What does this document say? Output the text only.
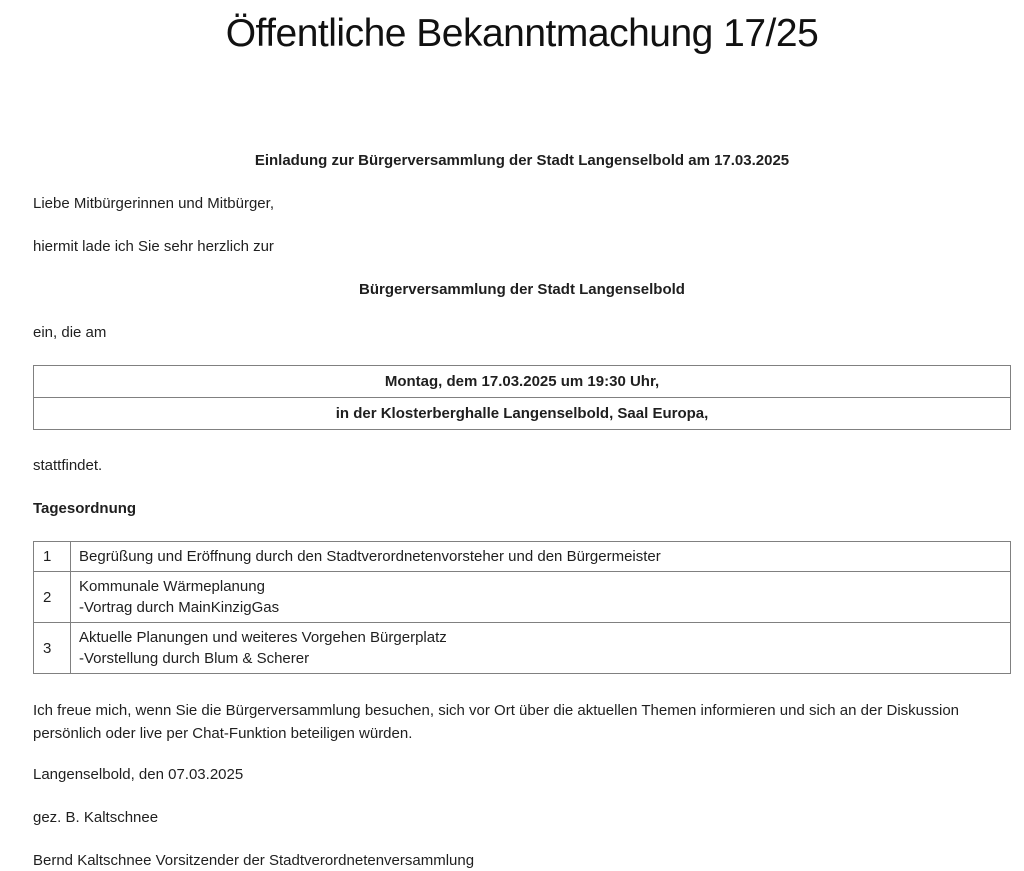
Öffentliche Bekanntmachung 17/25

Einladung zur Bürgerversammlung der Stadt Langenselbold am 17.03.2025

Liebe Mitbürgerinnen und Mitbürger,

hiermit lade ich Sie sehr herzlich zur

Bürgerversammlung der Stadt Langenselbold

ein, die am

Montag, dem 17.03.2025 um 19:30 Uhr,
in der Klosterberghalle Langenselbold, Saal Europa,

stattfindet.

Tagesordnung

1	Begrüßung und Eröffnung durch den Stadtverordnetenvorsteher und den Bürgermeister

2	Kommunale Wärmeplanung
-Vortrag durch MainKinzigGas

3	Aktuelle Planungen und weiteres Vorgehen Bürgerplatz
-Vorstellung durch Blum & Scherer

Ich freue mich, wenn Sie die Bürgerversammlung besuchen, sich vor Ort über die aktuellen Themen informieren und sich an der Diskussion persönlich oder live per Chat-Funktion beteiligen würden.

Langenselbold, den 07.03.2025

gez. B. Kaltschnee

Bernd Kaltschnee Vorsitzender der Stadtverordnetenversammlung
